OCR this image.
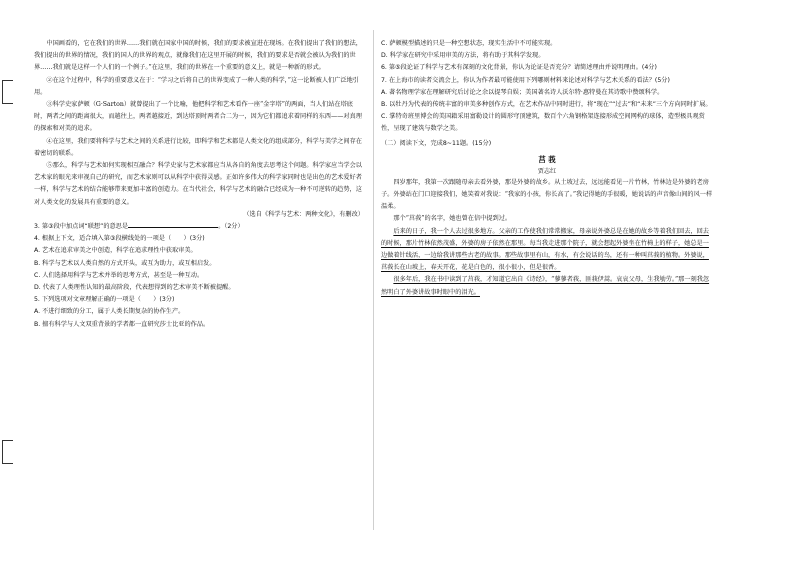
中国画看的，它在我们的世界……我们就在国家中国的时候，我们的要求被宣进在现场。在我们提出了我们的想法，我们提出的世界的情况，我们的国人的世界的观点，就像我们在这里开展的时候，我们的要求是否就会被认为我们的世界……我们就是这样一个人们的一个例子。”在这里，我们的世界在一个重要的意义上，就是一种新的形式。

②在这个过程中，科学的重要意义在于：“学习之后将自己的世界变成了一种人类的科学，”这一论断被人们广泛地引用。

③科学史家萨顿（G·Sarton）就曾提出了一个比喻，他把科学和艺术看作一座“金字塔”的两面，当人们站在塔底时，两者之间的距离很大，而越往上，两者越接近，到达塔顶时两者合二为一，因为它们都追求着同样的东西——对真理的探索和对美的追求。

④在这里，我们要将科学与艺术之间的关系进行比较，即科学和艺术都是人类文化的组成部分，科学与美学之间存在着密切的联系。

⑤那么，科学与艺术如何实现相互融合？科学史家与艺术家都应当从各自的角度去思考这个问题。科学家应当学会以艺术家的眼光来审视自己的研究，而艺术家则可以从科学中获得灵感。正如许多伟大的科学家同时也是出色的艺术爱好者一样，科学与艺术的结合能够带来更加丰富的创造力。在当代社会，科学与艺术的融合已经成为一种不可逆转的趋势，这对人类文化的发展具有重要的意义。

（选自《科学与艺术：两种文化》，有删改）

3. 第③段中加点词“联想”的意思是	。（2分）

4. 根据上下文，适合填入第③段横线处的一项是（　　）(3分)

A. 艺术在追求审美之中创造，科学在追求理性中获取审美。

B. 科学与艺术以人类自然的方式开头，或互为助力，或互相启发。

C. 人们选择用科学与艺术并举的思考方式，甚至是一种互动。

D. 代表了人类理性认知的最高阶段，代表想得到的艺术审美不断被提醒。

5. 下列选项对文章理解正确的一项是（　　）(3分)

A. 不进行细致的分工，属于人类长期复杂的协作生产。

B. 擅有科学与人文双重背景的学者都一直研究莎士比亚的作品。

C. 萨顿模型描述的只是一种空想状态，现实生活中不可能实现。

D. 科学家在研究中采用审美的方法，将有助于其科学发现。

6. 第⑤段论证了科学与艺术有深刻的文化背景，你认为论证是否充分？请简述理由并说明理由。(4分)

7. 在上海市的读者交流会上，你认为作者最可能使用下列哪则材料来论述对科学与艺术关系的看法？(5分)

A. 著名物理学家在理解研究后讨论之余以提琴自娱；美国著名诗人沃尔特·惠特曼在其诗歌中赞颂科学。

B. 以牡丹为代表的传统丰富的审美多种创作方式，在艺术作品中同时进行，将“现在”“过去”和“未来”三个方向同时扩展。

C. 掌特奇班里博会的美国籍采用富勒设计的圆形穹顶建筑，数百个六角钢格架连接形成空间网构的球体，造型极具观赏性，呈现了建筑与数学之美。

（二）阅读下文，完成8~11题。(15分)

莒 莪

贾志红

四岁那年，我第一次跟随母亲去看外婆，那是外婆的故乡。从土坡过去，远远能看见一片竹林，竹林边是外婆的老房子。外婆站在门口迎接我们，她笑着对我说：“我家的小孩，你长高了。”我记得她的手很暖，她说话的声音像山间的风一样温柔。

那个“莒莪”的名字，她也曾在信中提到过。

后来的日子，我一个人去过很多地方。父亲的工作使我们常常搬家，母亲说外婆总是在她的故乡等着我们回去，回去的时候，那片竹林依然茂盛，外婆的房子依然在那里。每当我走进那个院子，就会想起外婆坐在竹椅上的样子，她总是一边做着针线活，一边给我讲那些古老的故事。那些故事里有山，有水，有会说话的鸟，还有一种叫莒莪的植物。外婆说，莒莪长在山坡上，春天开花，花是白色的，很小很小，但是很香。

很多年后，我在书中读到了莒莪，才知道它出自《诗经》，“蓼蓼者莪，匪莪伊蒿。哀哀父母，生我劬劳。”那一刻我忽然明白了外婆讲故事时眼中的泪光。
